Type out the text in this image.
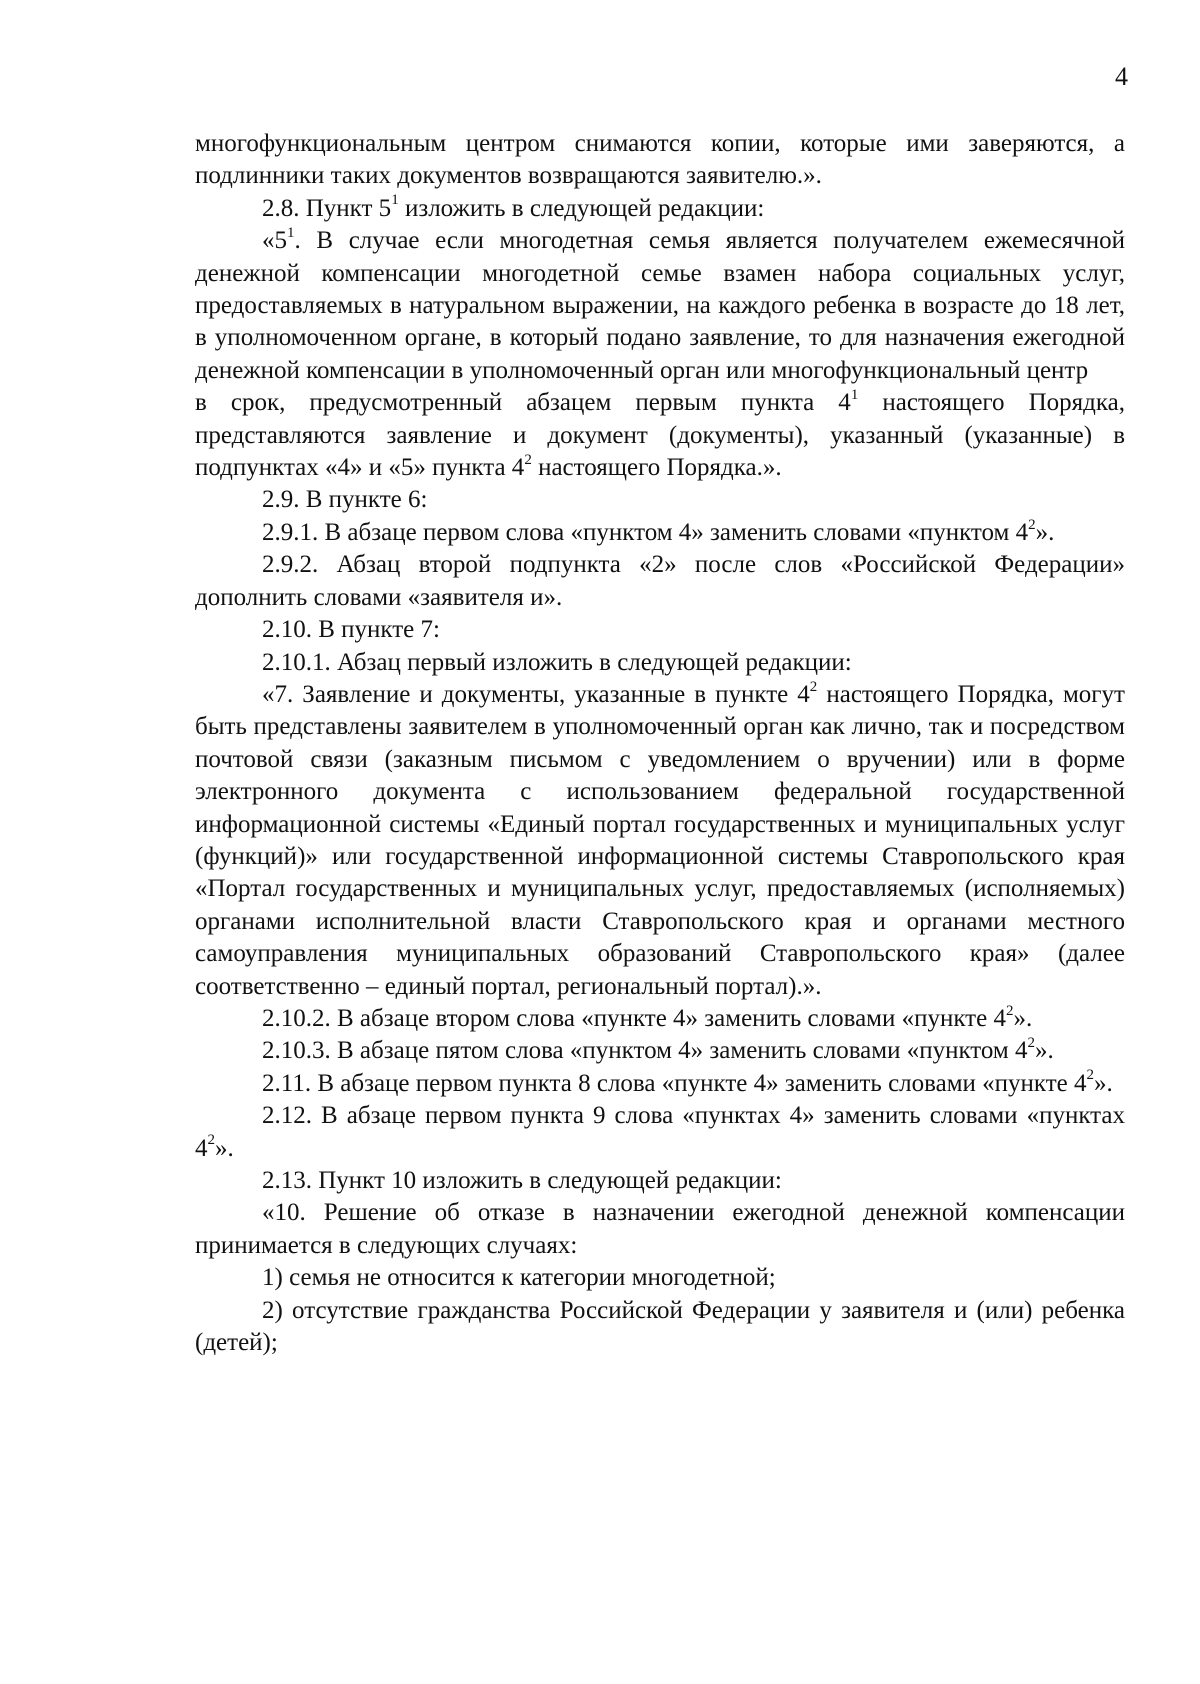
4

многофункциональным центром снимаются копии, которые ими заверяются, а подлинники таких документов возвращаются заявителю.».

2.8. Пункт $5^1$ изложить в следующей редакции:

«$5^1$. В случае если многодетная семья является получателем ежемесячной денежной компенсации многодетной семье взамен набора социальных услуг, предоставляемых в натуральном выражении, на каждого ребенка в возрасте до 18 лет, в уполномоченном органе, в который подано заявление, то для назначения ежегодной денежной компенсации в уполномоченный орган или многофункциональный центр

в срок, предусмотренный абзацем первым пункта $4^1$ настоящего Порядка, представляются заявление и документ (документы), указанный (указанные) в подпунктах «4» и «5» пункта $4^2$ настоящего Порядка.».

2.9. В пункте 6:

2.9.1. В абзаце первом слова «пунктом 4» заменить словами «пунктом $4^2$».

2.9.2. Абзац второй подпункта «2» после слов «Российской Федерации» дополнить словами «заявителя и».

2.10. В пункте 7:

2.10.1. Абзац первый изложить в следующей редакции:

«7. Заявление и документы, указанные в пункте $4^2$ настоящего Порядка, могут быть представлены заявителем в уполномоченный орган как лично, так и посредством почтовой связи (заказным письмом с уведомлением о вручении) или в форме электронного документа с использованием федеральной государственной информационной системы «Единый портал государственных и муниципальных услуг (функций)» или государственной информационной системы Ставропольского края «Портал государственных и муниципальных услуг, предоставляемых (исполняемых) органами исполнительной власти Ставропольского края и органами местного самоуправления муниципальных образований Ставропольского края» (далее соответственно – единый портал, региональный портал).».

2.10.2. В абзаце втором слова «пункте 4» заменить словами «пункте $4^2$».

2.10.3. В абзаце пятом слова «пунктом 4» заменить словами «пунктом $4^2$».

2.11. В абзаце первом пункта 8 слова «пункте 4» заменить словами «пункте $4^2$».

2.12. В абзаце первом пункта 9 слова «пунктах 4» заменить словами «пунктах $4^2$».

2.13. Пункт 10 изложить в следующей редакции:

«10. Решение об отказе в назначении ежегодной денежной компенсации принимается в следующих случаях:

1) семья не относится к категории многодетной;

2) отсутствие гражданства Российской Федерации у заявителя и (или) ребенка (детей);
